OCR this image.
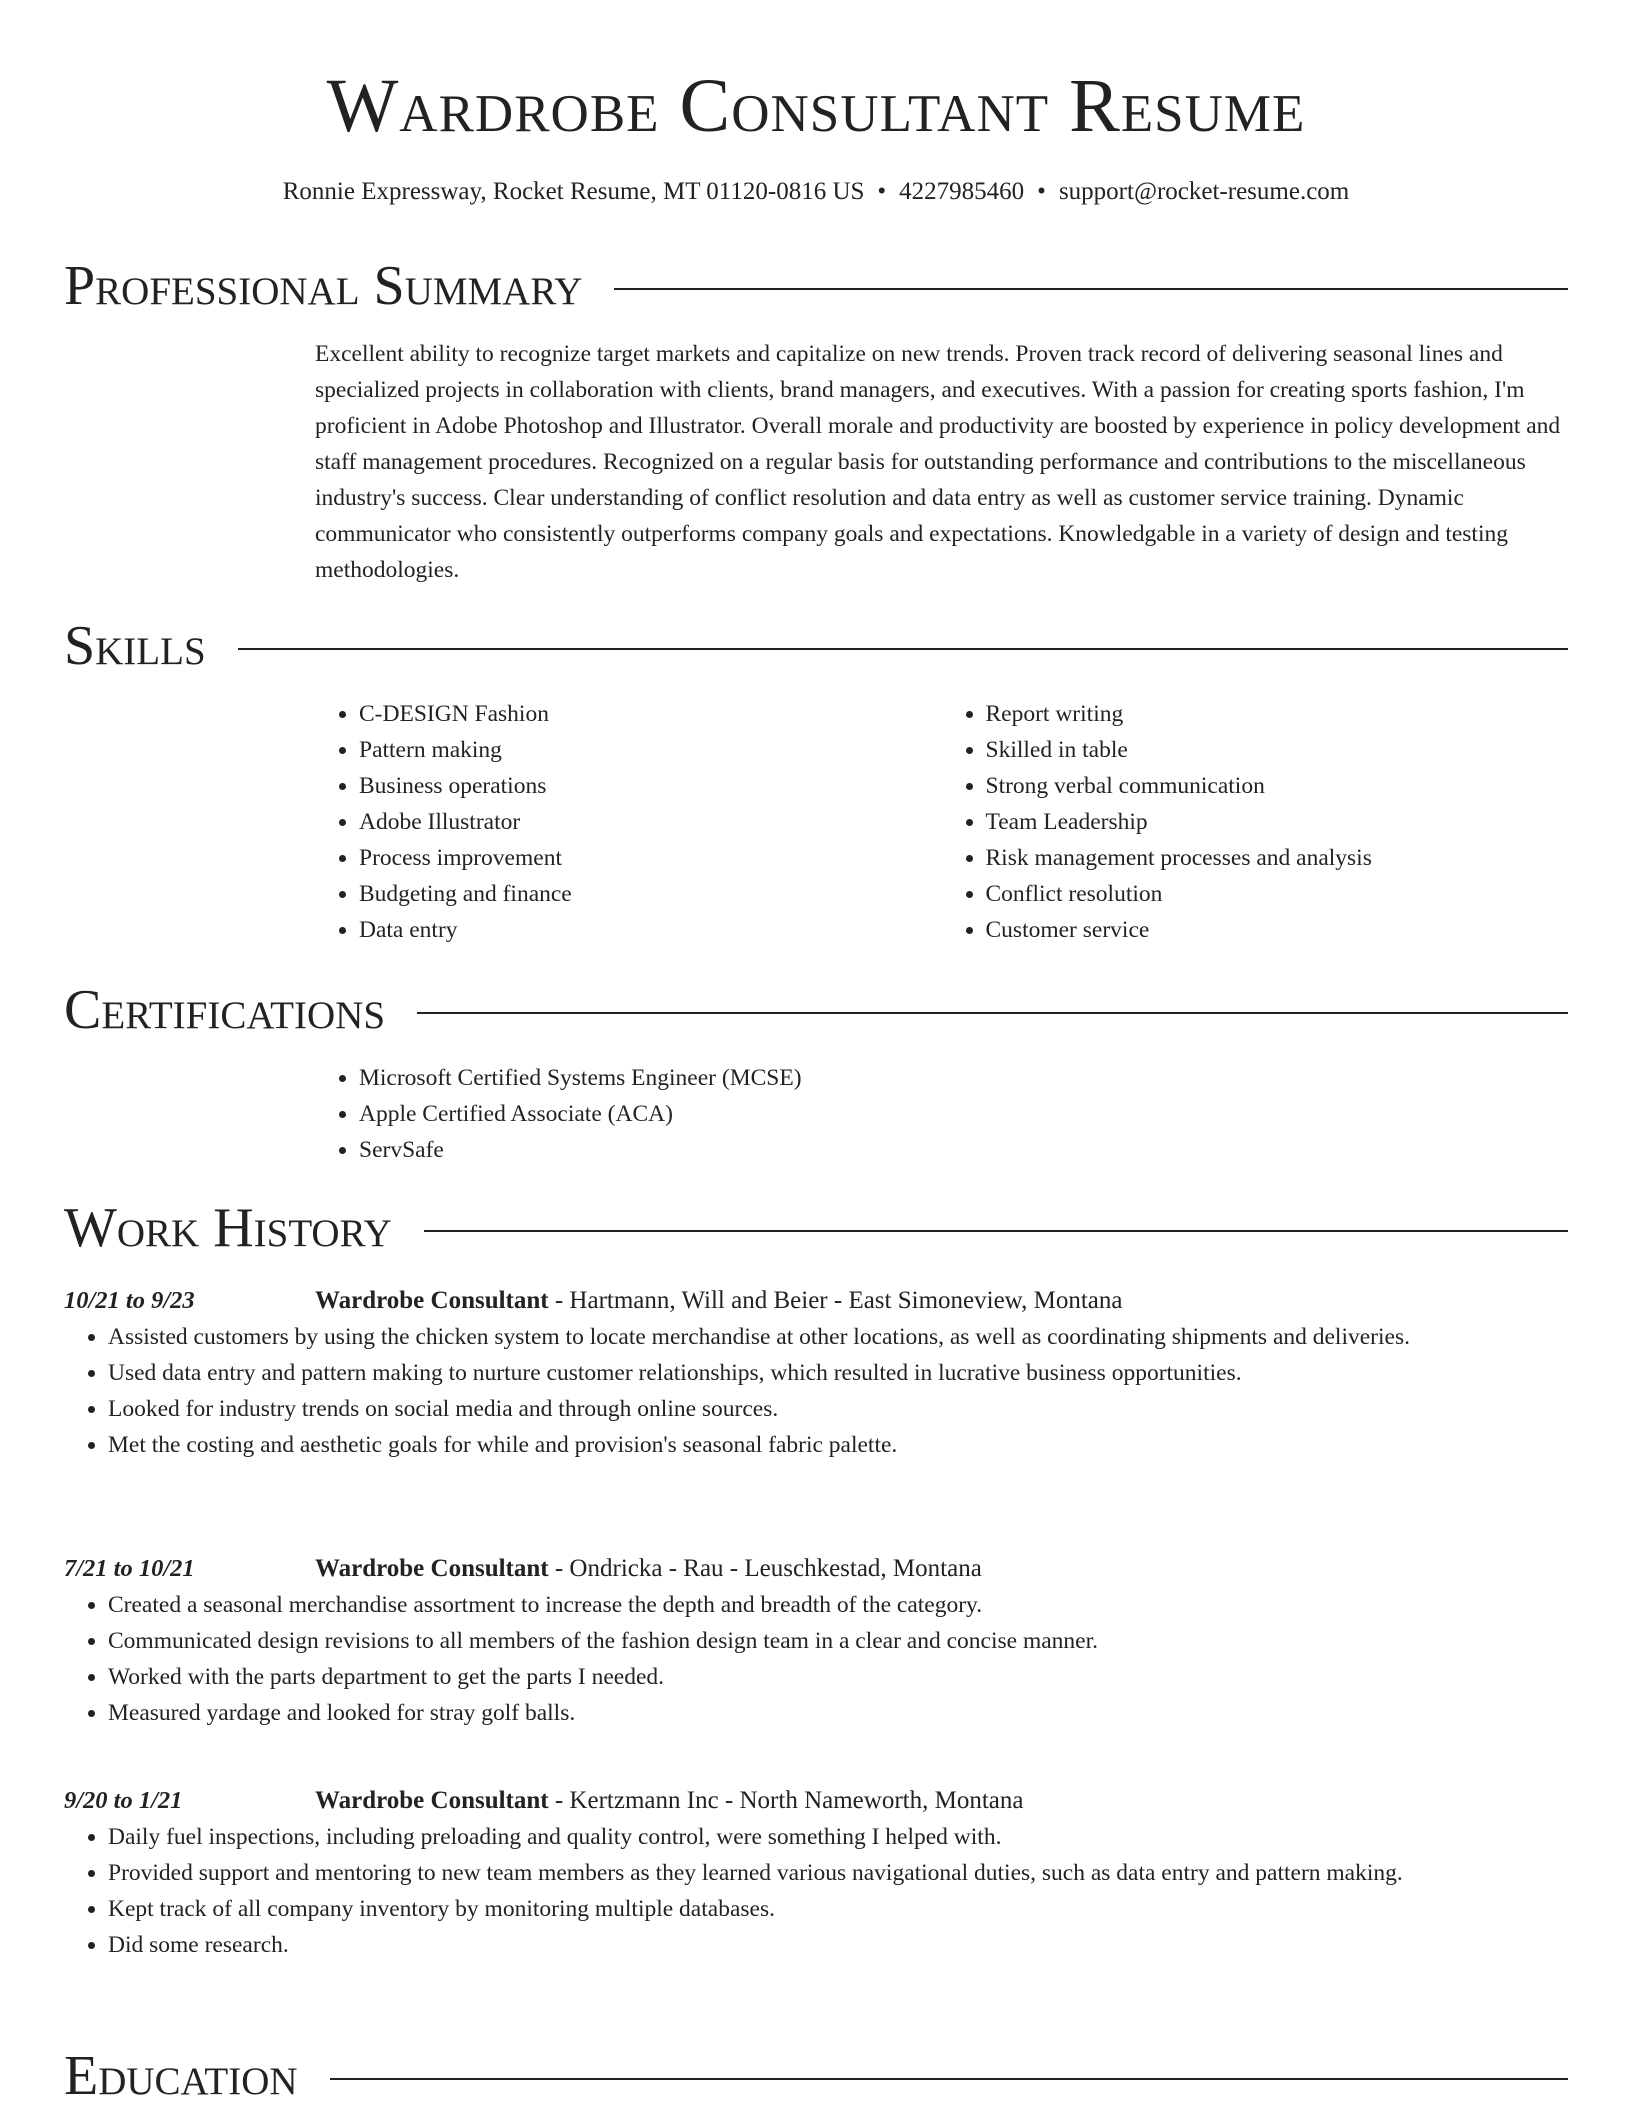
Wardrobe Consultant Resume
Ronnie Expressway, Rocket Resume, MT 01120-0816 US • 4227985460 • support@rocket-resume.com
Professional Summary

Excellent ability to recognize target markets and capitalize on new trends. Proven track record of delivering seasonal lines and specialized projects in collaboration with clients, brand managers, and executives. With a passion for creating sports fashion, I'm proficient in Adobe Photoshop and Illustrator. Overall morale and productivity are boosted by experience in policy development and staff management procedures. Recognized on a regular basis for outstanding performance and contributions to the miscellaneous industry's success. Clear understanding of conflict resolution and data entry as well as customer service training. Dynamic communicator who consistently outperforms company goals and expectations. Knowledgable in a variety of design and testing methodologies.

Skills
• C-DESIGN Fashion
• Pattern making
• Business operations
• Adobe Illustrator
• Process improvement
• Budgeting and finance
• Data entry
• Report writing
• Skilled in table
• Strong verbal communication
• Team Leadership
• Risk management processes and analysis
• Conflict resolution
• Customer service
Certifications
• Microsoft Certified Systems Engineer (MCSE)
• Apple Certified Associate (ACA)
• ServSafe
Work History
10/21 to 9/23	Wardrobe Consultant - Hartmann, Will and Beier - East Simoneview, Montana
• Assisted customers by using the chicken system to locate merchandise at other locations, as well as coordinating shipments and deliveries.
• Used data entry and pattern making to nurture customer relationships, which resulted in lucrative business opportunities.
• Looked for industry trends on social media and through online sources.
• Met the costing and aesthetic goals for while and provision's seasonal fabric palette.
7/21 to 10/21	Wardrobe Consultant - Ondricka - Rau - Leuschkestad, Montana
• Created a seasonal merchandise assortment to increase the depth and breadth of the category.
• Communicated design revisions to all members of the fashion design team in a clear and concise manner.
• Worked with the parts department to get the parts I needed.
• Measured yardage and looked for stray golf balls.
9/20 to 1/21	Wardrobe Consultant - Kertzmann Inc - North Nameworth, Montana
• Daily fuel inspections, including preloading and quality control, were something I helped with.
• Provided support and mentoring to new team members as they learned various navigational duties, such as data entry and pattern making.
• Kept track of all company inventory by monitoring multiple databases.
• Did some research.
Education
